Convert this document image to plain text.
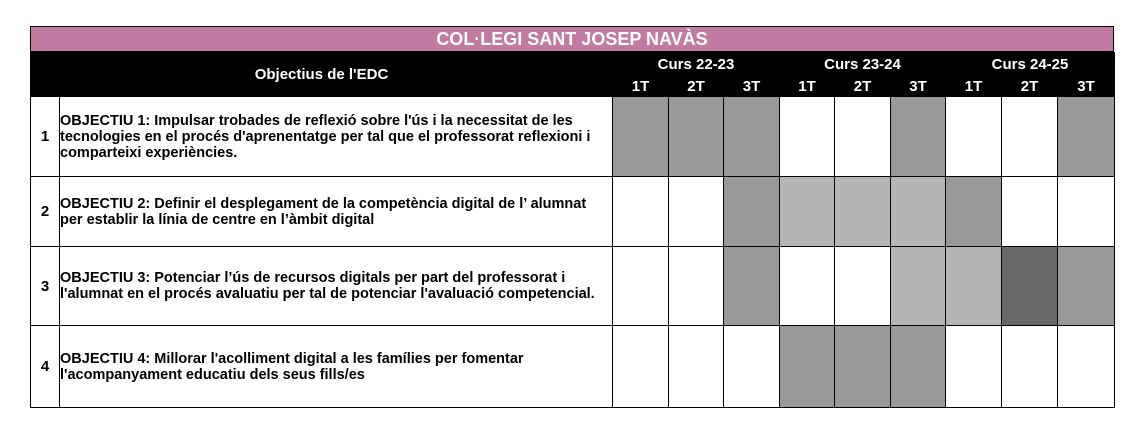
COL·LEGI SANT JOSEP NAVÀS
Objectius de l'EDC		Curs 22-23			Curs 23-24			Curs 24-25		
		1T	2T	3T	1T	2T	3T	1T	2T	3T
1	OBJECTIU 1: Impulsar trobades de reflexió sobre l'ús i la necessitat de les tecnologies en el procés d'aprenentatge per tal que el professorat reflexioni i comparteixi experiències.									
2	OBJECTIU 2: Definir el desplegament de la competència digital de l’ alumnat per establir la línia de centre en l’àmbit digital									
3	OBJECTIU 3: Potenciar l’ús de recursos digitals per part del professorat i l'alumnat en el procés avaluatiu per tal de potenciar l'avaluació competencial.									
4	OBJECTIU 4: Millorar l'acolliment digital a les famílies per fomentar l'acompanyament educatiu dels seus fills/es									
